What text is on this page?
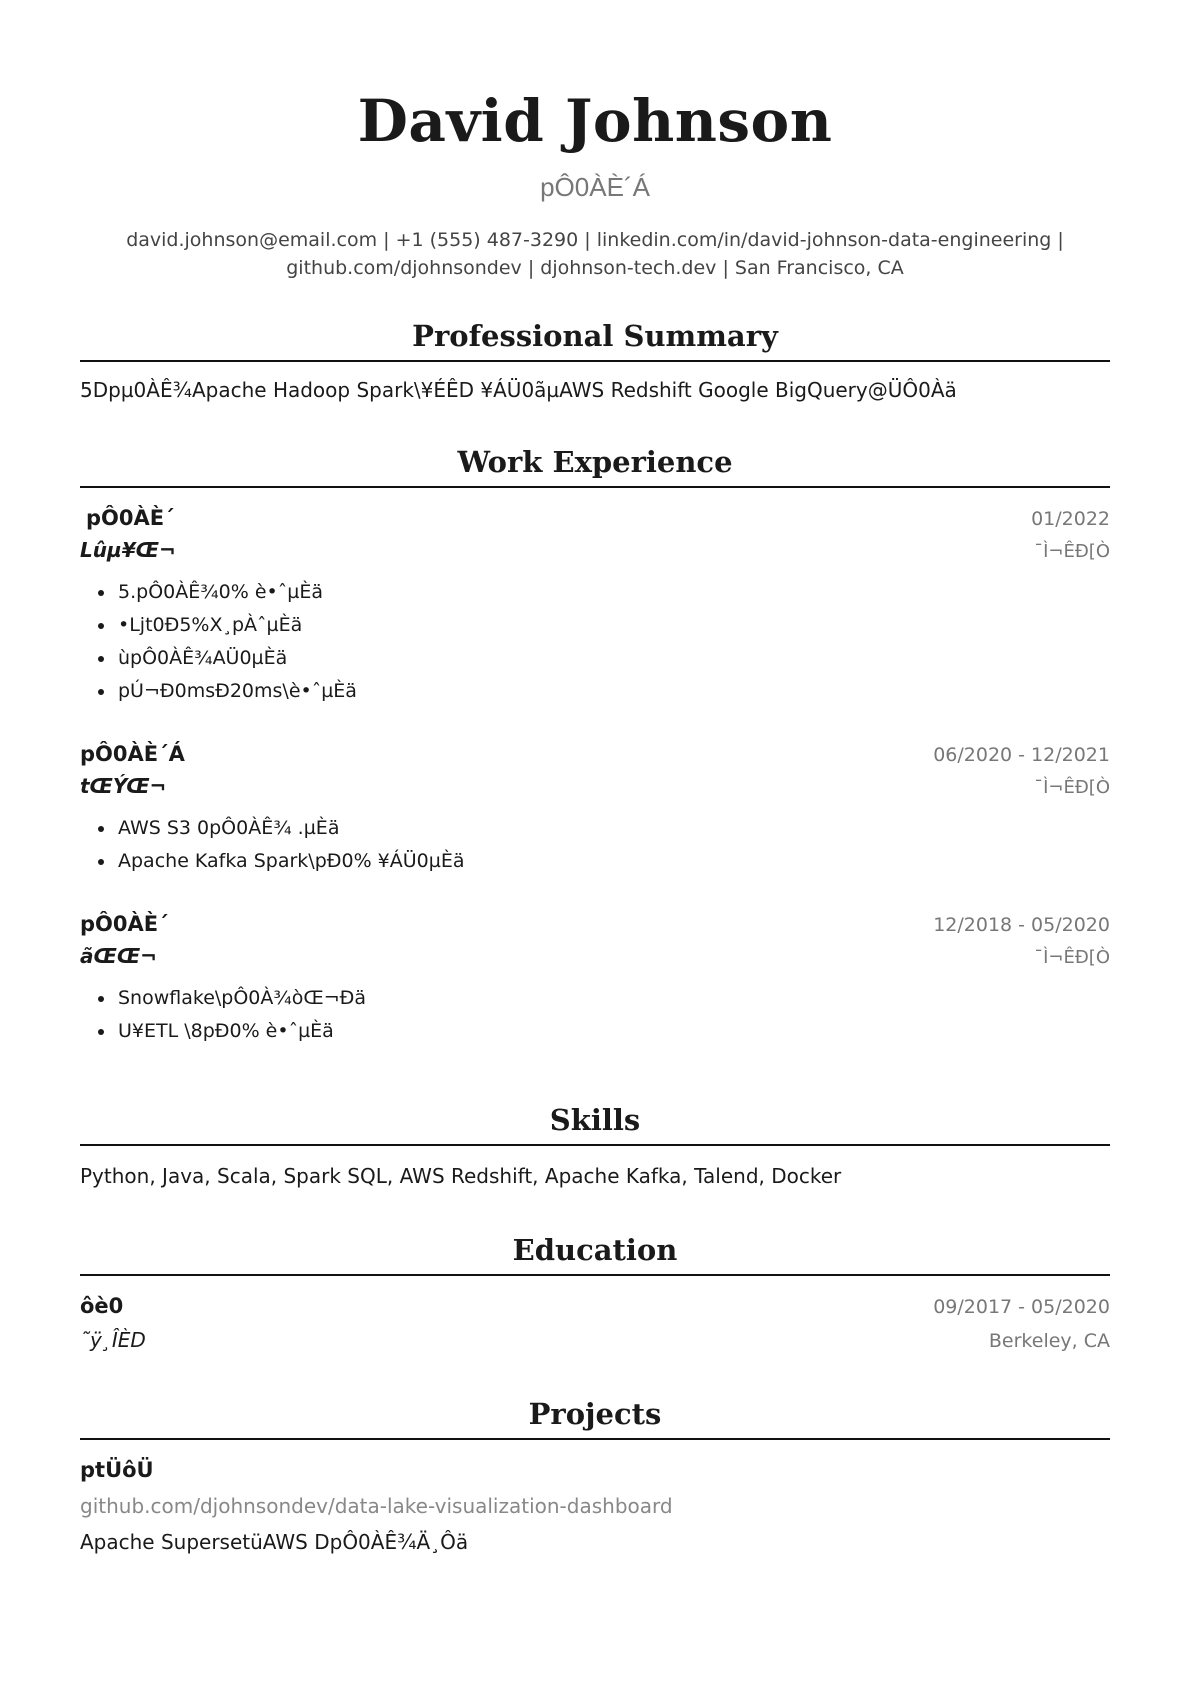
David Johnson
pÔ0ÀÈ´Á
david.johnson@email.com | +1 (555) 487-3290 | linkedin.com/in/david-johnson-data-engineering |
github.com/djohnsondev | djohnson-tech.dev | San Francisco, CA
Professional Summary
5Dpµ0ÀÊ¾Apache Hadoop Spark\¥ÉÊD ¥ÁÜ0ãµAWS Redshift Google BigQuery@ÜÔ0Àä
Work Experience
pÔ0ÀÈ´	01/2022
Lûµ¥Œ¬	¯Ì¬ÊÐ[Ò
• 5.pÔ0ÀÊ¾0% è•ˆµÈä
• •Ljt0Ð5%X¸pÀˆµÈä
• ùpÔ0ÀÊ¾AÜ0µÈä
• pÚ¬Ð0msÐ20ms\è•ˆµÈä
pÔ0ÀÈ´Á	06/2020 - 12/2021
tŒÝŒ¬	¯Ì¬ÊÐ[Ò
• AWS S3 0pÔ0ÀÊ¾ .µÈä
• Apache Kafka Spark\pÐ0% ¥ÁÜ0µÈä
pÔ0ÀÈ´	12/2018 - 05/2020
ãŒŒ¬	¯Ì¬ÊÐ[Ò
• Snowflake\pÔ0À¾òŒ¬Ðä
• U¥ETL \8pÐ0% è•ˆµÈä
Skills
Python, Java, Scala, Spark SQL, AWS Redshift, Apache Kafka, Talend, Docker
Education
ôè0	09/2017 - 05/2020
˜ÿ¸ÎÈD	Berkeley, CA
Projects
ptÜôÜ
github.com/djohnsondev/data-lake-visualization-dashboard
Apache SupersetüAWS DpÔ0ÀÊ¾Ä¸Ôä
